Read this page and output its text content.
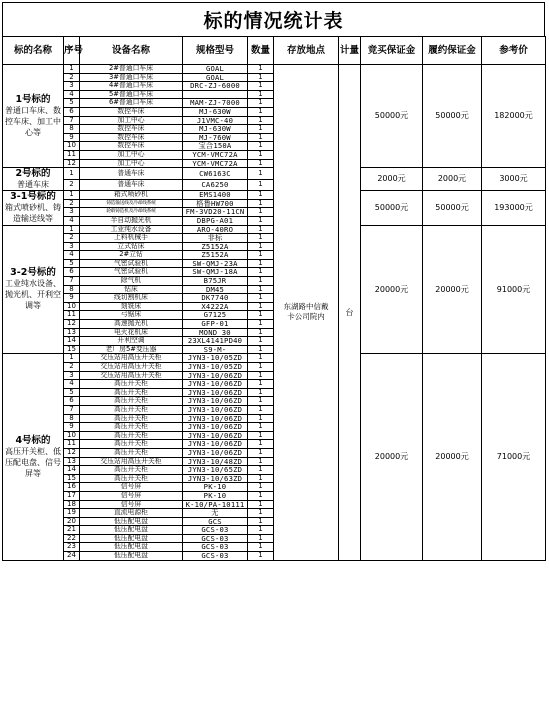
标的情况统计表
标的名称	序号	设备名称	规格型号	数量	存放地点	计量	竞买保证金	履约保证金	参考价

1号标的
普通口车床、数控车床、加工中心等	1	2#普通口车床	GOAL	1	东湖路中信戴卡公司院内	台	50000元	50000元	182000元
	2	3#普通口车床	GOAL	1					
	3	4#普通口车床	DRC-ZJ-6000	1					
	4	5#普通口车床		1					
	5	6#普通口车床	MAM-ZJ-7000	1					
	6	数控车床	MJ-630W	1					
	7	加工中心	J1VMC-40	1					
	8	数控车床	MJ-630W	1					
	9	数控车床	MJ-760W	1					
	10	数控车床	宝合150A	1					
	11	加工中心	YCM-VMC72A	1					
	12	加工中心	YCM-VMC72A	1					

2号标的
普通车床	1	普通车床	CW6163C	1			2000元	2000元	3000元
	2	普通车床	CA6250	1					

3-1号标的
箱式喷砂机、铸造输送线等	1	箱式喷砂机	EMS1400	1			50000元	50000元	193000元
	2	铸造输送线及冷却线系统	格鲁HW700	1					
	3	轮毂铸造机及冷却线系统	FM-3VD20-11CN	1					
	4	半自动抛光机	DBPG-A01	1					

3-2号标的
工业纯水设备、抛光机、开利空调等	1	工业纯水设备	ARO-40RO	1			20000元	20000元	91000元
	2	上料机械手	非标	1					
	3	立式钻床	Z5152A	1					
	4	2#立钻	Z5152A	1					
	5	气密试验机	SW-QMJ-23A	1					
	6	气密试验机	SW-QMJ-18A	1					
	7	除气机	B75JR	1					
	8	钻床	DM45	1					
	9	线切割机床	DK7740	1					
	10	刻铣床	X4222A	1					
	11	弓锯床	G7125	1					
	12	高速抛光机	GFP-01	1					
	13	电火花机床	MOND 30	1					
	14	开利空调	23XL4141PD40	1					
	15	老厂房5#变压器	S9-M-	1					

4号标的
高压开关柜、低压配电盘、信号屏等	1	交压站用高压开关柜	JYN3-10/05ZD	1			20000元	20000元	71000元
	2	交压站用高压开关柜	JYN3-10/05ZD	1					
	3	交压站用高压开关柜	JYN3-10/06ZD	1					
	4	高压开关柜	JYN3-10/06ZD	1					
	5	高压开关柜	JYN3-10/06ZD	1					
	6	高压开关柜	JYN3-10/06ZD	1					
	7	高压开关柜	JYN3-10/06ZD	1					
	8	高压开关柜	JYN3-10/06ZD	1					
	9	高压开关柜	JYN3-10/06ZD	1					
	10	高压开关柜	JYN3-10/06ZD	1					
	11	高压开关柜	JYN3-10/06ZD	1					
	12	高压开关柜	JYN3-10/06ZD	1					
	13	交压站用高压开关柜	JYN3-10/48ZD	1					
	14	高压开关柜	JYN3-10/65ZD	1					
	15	高压开关柜	JYN3-10/63ZD	1					
	16	信号屏	PK-10	1					
	17	信号屏	PK-10	1					
	18	信号屏	K-10/PA-10111	1					
	19	直流电源柜	无	1					
	20	低压配电盘	GCS	1					
	21	低压配电盘	GCS-03	1					
	22	低压配电盘	GCS-03	1					
	23	低压配电盘	GCS-03	1					
	24	低压配电盘	GCS-03	1					
